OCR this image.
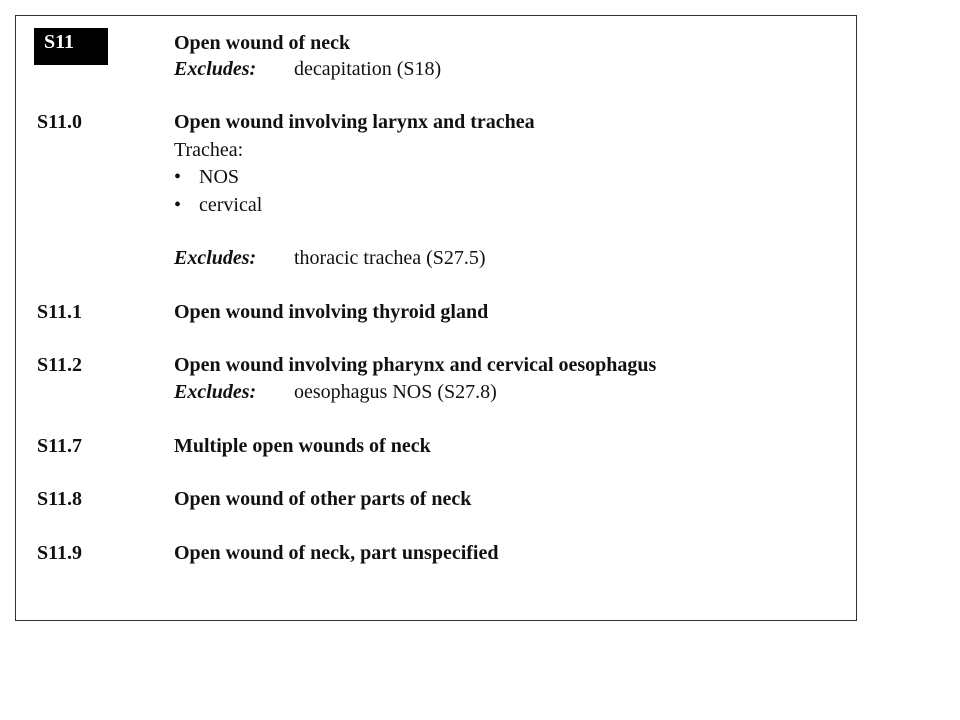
S11	Open wound of neck
Excludes: decapitation (S18)
S11.0	Open wound involving larynx and trachea
Trachea:
• NOS
• cervical
Excludes: thoracic trachea (S27.5)
S11.1	Open wound involving thyroid gland
S11.2	Open wound involving pharynx and cervical oesophagus
Excludes: oesophagus NOS (S27.8)
S11.7	Multiple open wounds of neck
S11.8	Open wound of other parts of neck
S11.9	Open wound of neck, part unspecified
